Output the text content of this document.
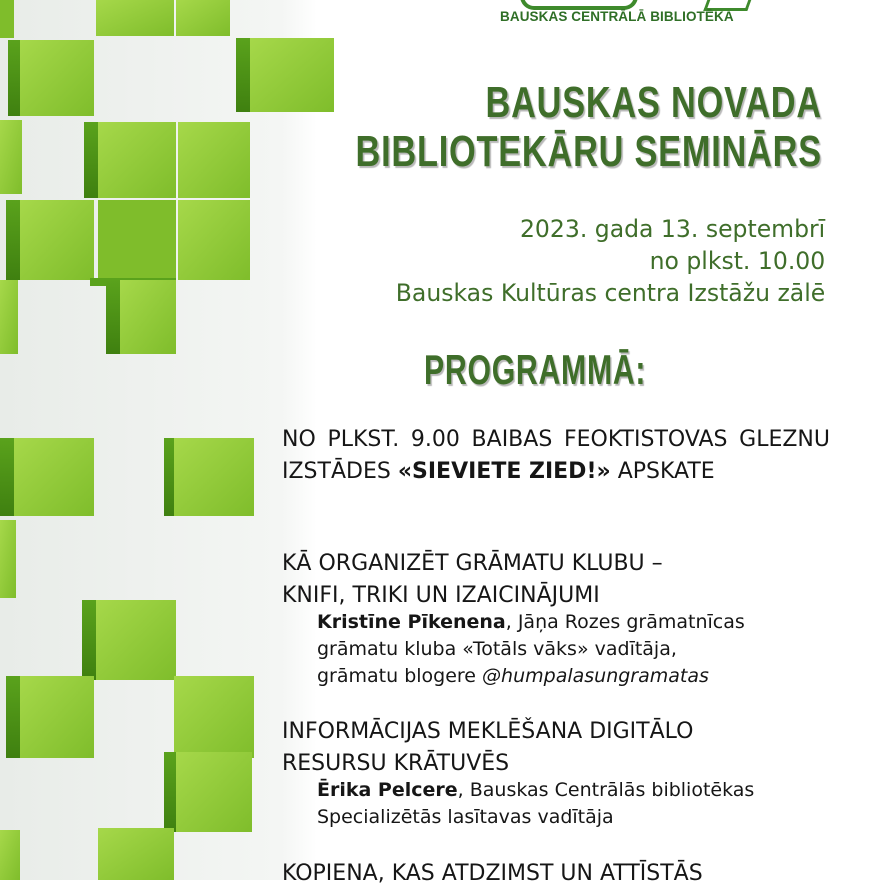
BAUSKAS CENTRĀLĀ BIBLIOTĒKA
BAUSKAS NOVADA
BIBLIOTEKĀRU SEMINĀRS
2023. gada 13. septembrī
no plkst. 10.00
Bauskas Kultūras centra Izstāžu zālē
PROGRAMMĀ:
NO PLKST. 9.00 BAIBAS FEOKTISTOVAS GLEZNU IZSTĀDES «SIEVIETE ZIED!» APSKATE
KĀ ORGANIZĒT GRĀMATU KLUBU –
KNIFI, TRIKI UN IZAICINĀJUMI
Kristīne Pīkenena, Jāņa Rozes grāmatnīcas
grāmatu kluba «Totāls vāks» vadītāja,
grāmatu blogere @humpalasungramatas
INFORMĀCIJAS MEKLĒŠANA DIGITĀLO
RESURSU KRĀTUVĒS
Ērika Pelcere, Bauskas Centrālās bibliotēkas
Specializētās lasītavas vadītāja
KOPIENA, KAS ATDZIMST UN ATTĪSTĀS
